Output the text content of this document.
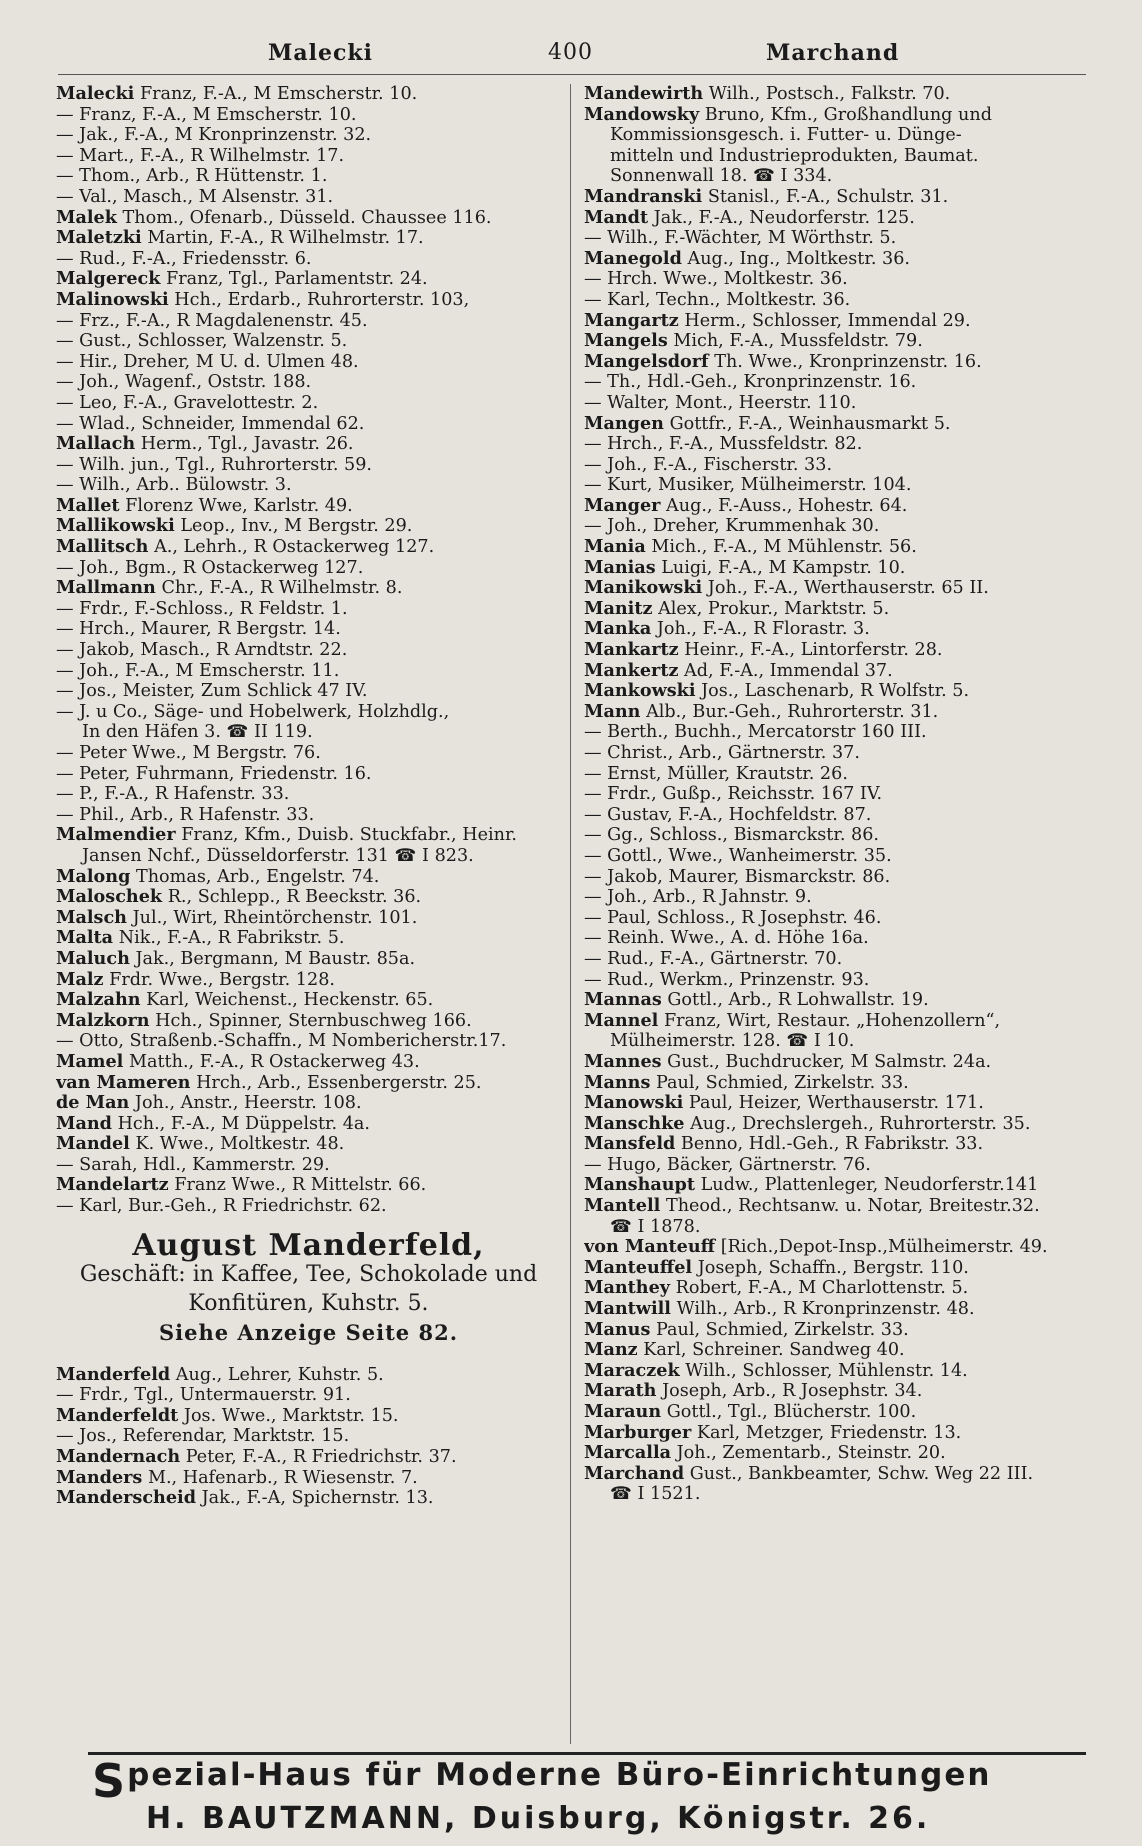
Malecki	400	Marchand
Malecki Franz, F.-A., M Emscherstr. 10.
— Franz, F.-A., M Emscherstr. 10.
— Jak., F.-A., M Kronprinzenstr. 32.
— Mart., F.-A., R Wilhelmstr. 17.
— Thom., Arb., R Hüttenstr. 1.
— Val., Masch., M Alsenstr. 31.
Malek Thom., Ofenarb., Düsseld. Chaussee 116.
Maletzki Martin, F.-A., R Wilhelmstr. 17.
— Rud., F.-A., Friedensstr. 6.
Malgereck Franz, Tgl., Parlamentstr. 24.
Malinowski Hch., Erdarb., Ruhrorterstr. 103,
— Frz., F.-A., R Magdalenenstr. 45.
— Gust., Schlosser, Walzenstr. 5.
— Hir., Dreher, M U. d. Ulmen 48.
— Joh., Wagenf., Oststr. 188.
— Leo, F.-A., Gravelottestr. 2.
— Wlad., Schneider, Immendal 62.
Mallach Herm., Tgl., Javastr. 26.
— Wilh. jun., Tgl., Ruhrorterstr. 59.
— Wilh., Arb.. Bülowstr. 3.
Mallet Florenz Wwe, Karlstr. 49.
Mallikowski Leop., Inv., M Bergstr. 29.
Mallitsch A., Lehrh., R Ostackerweg 127.
— Joh., Bgm., R Ostackerweg 127.
Mallmann Chr., F.-A., R Wilhelmstr. 8.
— Frdr., F.-Schloss., R Feldstr. 1.
— Hrch., Maurer, R Bergstr. 14.
— Jakob, Masch., R Arndtstr. 22.
— Joh., F.-A., M Emscherstr. 11.
— Jos., Meister, Zum Schlick 47 IV.
— J. u Co., Säge- und Hobelwerk, Holzhdlg.,
In den Häfen 3. ☎ II 119.
— Peter Wwe., M Bergstr. 76.
— Peter, Fuhrmann, Friedenstr. 16.
— P., F.-A., R Hafenstr. 33.
— Phil., Arb., R Hafenstr. 33.
Malmendier Franz, Kfm., Duisb. Stuckfabr., Heinr.
Jansen Nchf., Düsseldorferstr. 131 ☎ I 823.
Malong Thomas, Arb., Engelstr. 74.
Maloschek R., Schlepp., R Beeckstr. 36.
Malsch Jul., Wirt, Rheintörchenstr. 101.
Malta Nik., F.-A., R Fabrikstr. 5.
Maluch Jak., Bergmann, M Baustr. 85a.
Malz Frdr. Wwe., Bergstr. 128.
Malzahn Karl, Weichenst., Heckenstr. 65.
Malzkorn Hch., Spinner, Sternbuschweg 166.
— Otto, Straßenb.-Schaffn., M Nombericherstr.17.
Mamel Matth., F.-A., R Ostackerweg 43.
van Mameren Hrch., Arb., Essenbergerstr. 25.
de Man Joh., Anstr., Heerstr. 108.
Mand Hch., F.-A., M Düppelstr. 4a.
Mandel K. Wwe., Moltkestr. 48.
— Sarah, Hdl., Kammerstr. 29.
Mandelartz Franz Wwe., R Mittelstr. 66.
— Karl, Bur.-Geh., R Friedrichstr. 62.
August Manderfeld,
Geschäft: in Kaffee, Tee, Schokolade und
Konfitüren, Kuhstr. 5.
Siehe Anzeige Seite 82.
Manderfeld Aug., Lehrer, Kuhstr. 5.
— Frdr., Tgl., Untermauerstr. 91.
Manderfeldt Jos. Wwe., Marktstr. 15.
— Jos., Referendar, Marktstr. 15.
Mandernach Peter, F.-A., R Friedrichstr. 37.
Manders M., Hafenarb., R Wiesenstr. 7.
Manderscheid Jak., F.-A, Spichernstr. 13.
Mandewirth Wilh., Postsch., Falkstr. 70.
Mandowsky Bruno, Kfm., Großhandlung und
Kommissionsgesch. i. Futter- u. Dünge-
mitteln und Industrieprodukten, Baumat.
Sonnenwall 18. ☎ I 334.
Mandranski Stanisl., F.-A., Schulstr. 31.
Mandt Jak., F.-A., Neudorferstr. 125.
— Wilh., F.-Wächter, M Wörthstr. 5.
Manegold Aug., Ing., Moltkestr. 36.
— Hrch. Wwe., Moltkestr. 36.
— Karl, Techn., Moltkestr. 36.
Mangartz Herm., Schlosser, Immendal 29.
Mangels Mich, F.-A., Mussfeldstr. 79.
Mangelsdorf Th. Wwe., Kronprinzenstr. 16.
— Th., Hdl.-Geh., Kronprinzenstr. 16.
— Walter, Mont., Heerstr. 110.
Mangen Gottfr., F.-A., Weinhausmarkt 5.
— Hrch., F.-A., Mussfeldstr. 82.
— Joh., F.-A., Fischerstr. 33.
— Kurt, Musiker, Mülheimerstr. 104.
Manger Aug., F.-Auss., Hohestr. 64.
— Joh., Dreher, Krummenhak 30.
Mania Mich., F.-A., M Mühlenstr. 56.
Manias Luigi, F.-A., M Kampstr. 10.
Manikowski Joh., F.-A., Werthauserstr. 65 II.
Manitz Alex, Prokur., Marktstr. 5.
Manka Joh., F.-A., R Florastr. 3.
Mankartz Heinr., F.-A., Lintorferstr. 28.
Mankertz Ad, F.-A., Immendal 37.
Mankowski Jos., Laschenarb, R Wolfstr. 5.
Mann Alb., Bur.-Geh., Ruhrorterstr. 31.
— Berth., Buchh., Mercatorstr 160 III.
— Christ., Arb., Gärtnerstr. 37.
— Ernst, Müller, Krautstr. 26.
— Frdr., Gußp., Reichsstr. 167 IV.
— Gustav, F.-A., Hochfeldstr. 87.
— Gg., Schloss., Bismarckstr. 86.
— Gottl., Wwe., Wanheimerstr. 35.
— Jakob, Maurer, Bismarckstr. 86.
— Joh., Arb., R Jahnstr. 9.
— Paul, Schloss., R Josephstr. 46.
— Reinh. Wwe., A. d. Höhe 16a.
— Rud., F.-A., Gärtnerstr. 70.
— Rud., Werkm., Prinzenstr. 93.
Mannas Gottl., Arb., R Lohwallstr. 19.
Mannel Franz, Wirt, Restaur. „Hohenzollern“,
Mülheimerstr. 128. ☎ I 10.
Mannes Gust., Buchdrucker, M Salmstr. 24a.
Manns Paul, Schmied, Zirkelstr. 33.
Manowski Paul, Heizer, Werthauserstr. 171.
Manschke Aug., Drechslergeh., Ruhrorterstr. 35.
Mansfeld Benno, Hdl.-Geh., R Fabrikstr. 33.
— Hugo, Bäcker, Gärtnerstr. 76.
Manshaupt Ludw., Plattenleger, Neudorferstr.141
Mantell Theod., Rechtsanw. u. Notar, Breitestr.32.
☎ I 1878.
von Manteuff [Rich.,Depot-Insp.,Mülheimerstr. 49.
Manteuffel Joseph, Schaffn., Bergstr. 110.
Manthey Robert, F.-A., M Charlottenstr. 5.
Mantwill Wilh., Arb., R Kronprinzenstr. 48.
Manus Paul, Schmied, Zirkelstr. 33.
Manz Karl, Schreiner. Sandweg 40.
Maraczek Wilh., Schlosser, Mühlenstr. 14.
Marath Joseph, Arb., R Josephstr. 34.
Maraun Gottl., Tgl., Blücherstr. 100.
Marburger Karl, Metzger, Friedenstr. 13.
Marcalla Joh., Zementarb., Steinstr. 20.
Marchand Gust., Bankbeamter, Schw. Weg 22 III.
☎ I 1521.
Spezial-Haus für Moderne Büro-Einrichtungen
H. BAUTZMANN, Duisburg, Königstr. 26.
